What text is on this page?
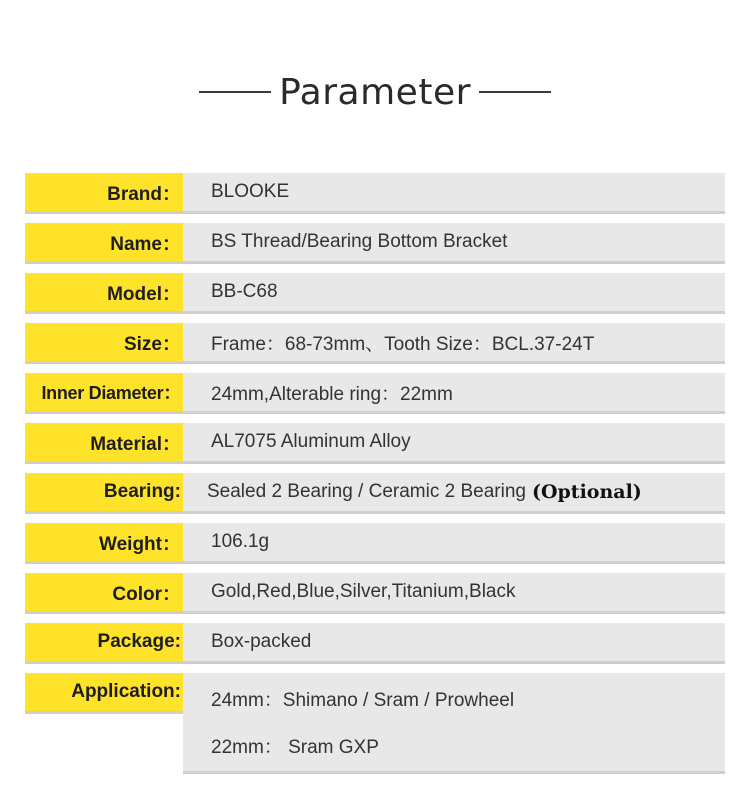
Parameter
Brand：	BLOOKE
Name：	BS Thread/Bearing Bottom Bracket
Model：	BB-C68
Size：	Frame：68-73mm、Tooth Size：BCL.37-24T
Inner Diameter：	24mm,Alterable ring：22mm
Material：	AL7075 Aluminum Alloy
Bearing: Sealed 2 Bearing / Ceramic 2 Bearing (Optional)
Weight：	106.1g
Color：	Gold,Red,Blue,Silver,Titanium,Black
Package:	Box-packed
Application: 24mm：Shimano / Sram / Prowheel
22mm： Sram GXP
